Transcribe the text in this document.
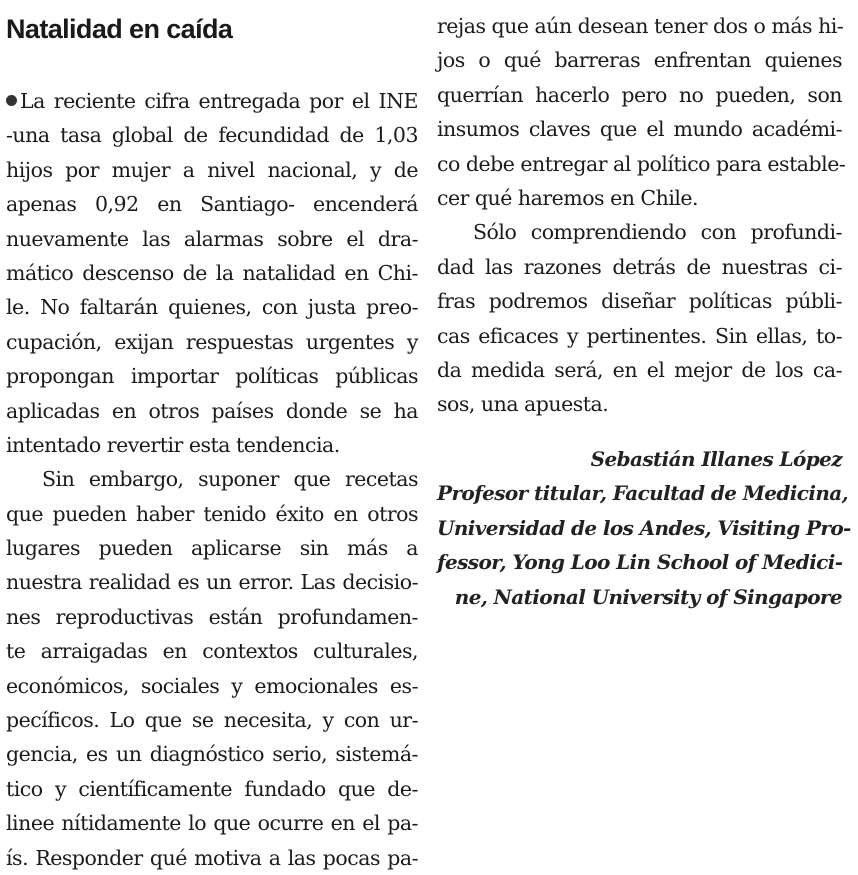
Natalidad en caída
La reciente cifra entregada por el INE
-una tasa global de fecundidad de 1,03
hijos por mujer a nivel nacional, y de
apenas 0,92 en Santiago- encenderá
nuevamente las alarmas sobre el dra-
mático descenso de la natalidad en Chi-
le. No faltarán quienes, con justa preo-
cupación, exijan respuestas urgentes y
propongan importar políticas públicas
aplicadas en otros países donde se ha
intentado revertir esta tendencia.
Sin embargo, suponer que recetas
que pueden haber tenido éxito en otros
lugares pueden aplicarse sin más a
nuestra realidad es un error. Las decisio-
nes reproductivas están profundamen-
te arraigadas en contextos culturales,
económicos, sociales y emocionales es-
pecíficos. Lo que se necesita, y con ur-
gencia, es un diagnóstico serio, sistemá-
tico y científicamente fundado que de-
linee nítidamente lo que ocurre en el pa-
ís. Responder qué motiva a las pocas pa-
rejas que aún desean tener dos o más hi-
jos o qué barreras enfrentan quienes
querrían hacerlo pero no pueden, son
insumos claves que el mundo académi-
co debe entregar al político para estable-
cer qué haremos en Chile.
Sólo comprendiendo con profundi-
dad las razones detrás de nuestras ci-
fras podremos diseñar políticas públi-
cas eficaces y pertinentes. Sin ellas, to-
da medida será, en el mejor de los ca-
sos, una apuesta.
Sebastián Illanes López
Profesor titular, Facultad de Medicina,
Universidad de los Andes, Visiting Pro-
fessor, Yong Loo Lin School of Medici-
ne, National University of Singapore
